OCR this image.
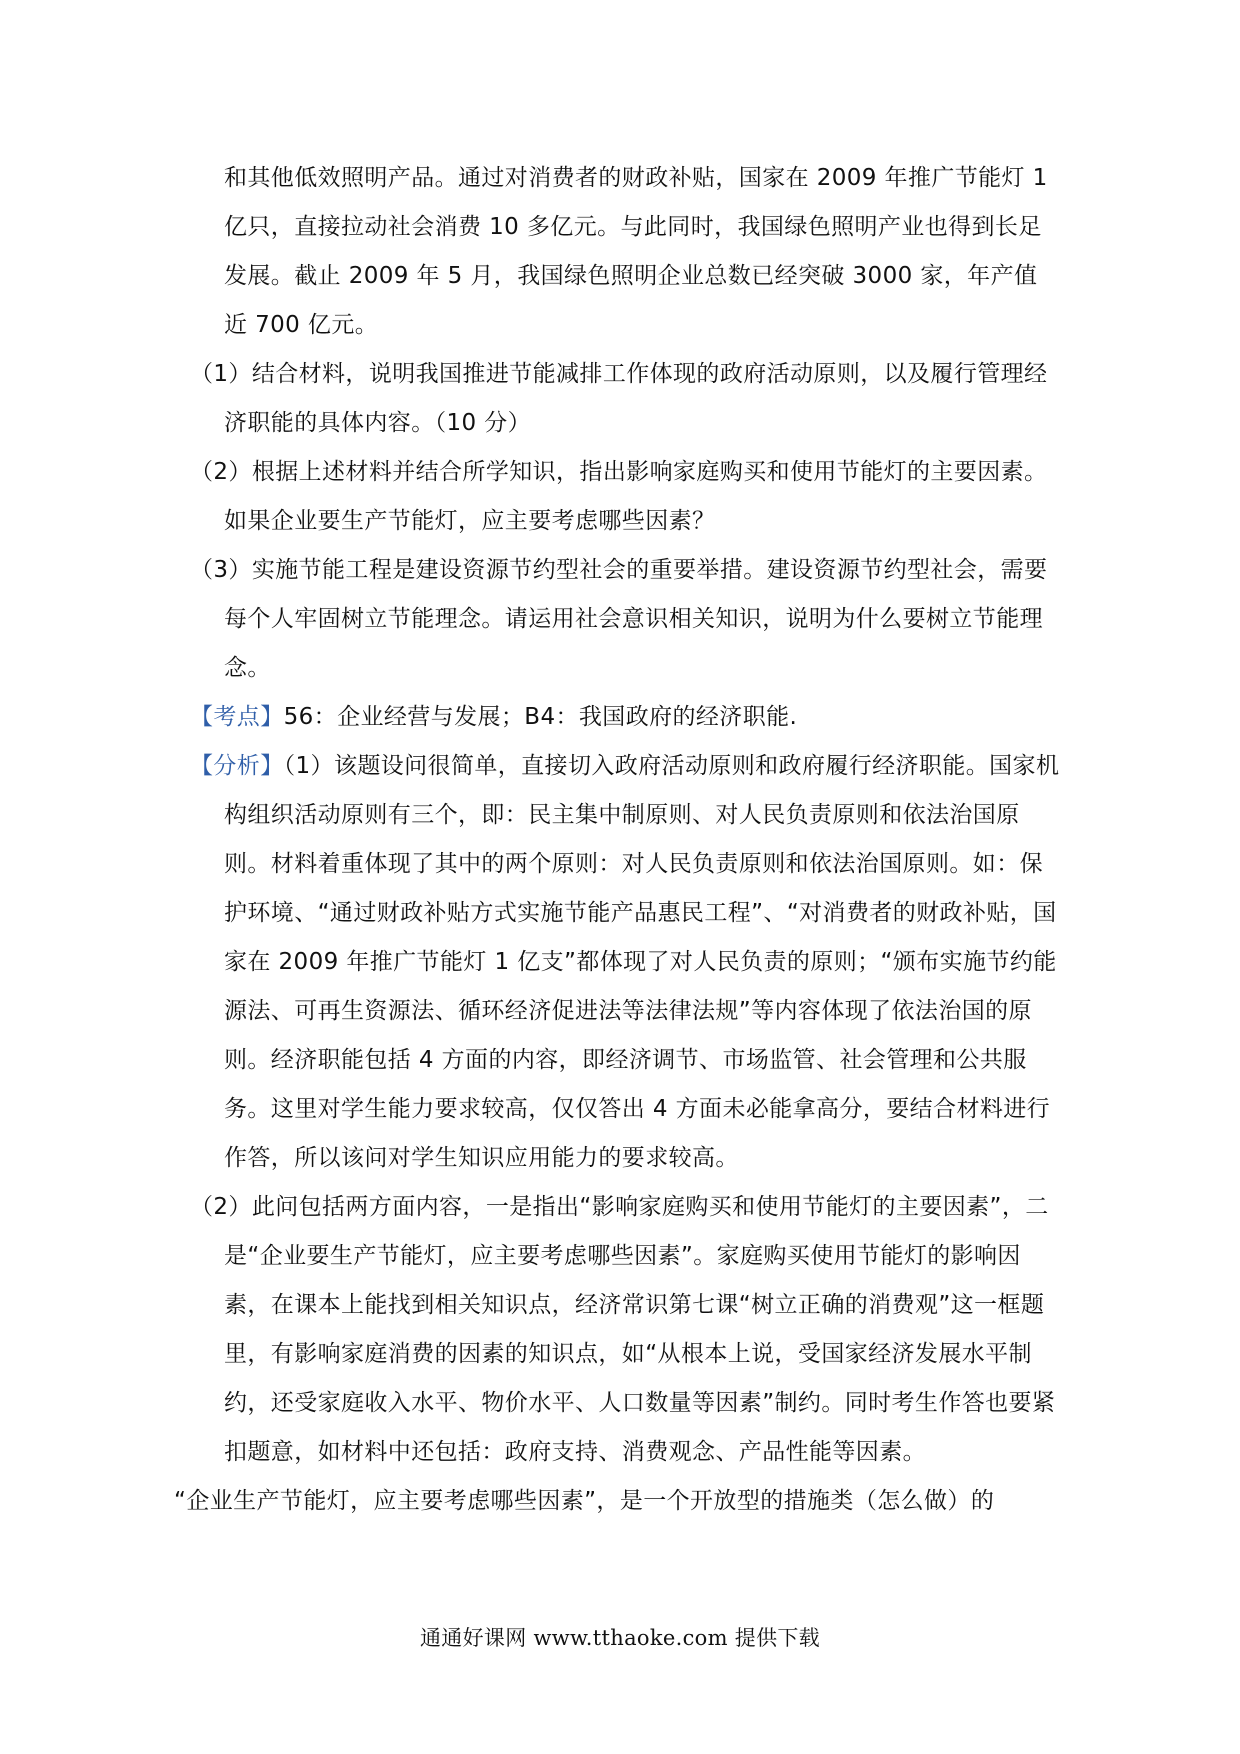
和其他低效照明产品。通过对消费者的财政补贴，国家在 2009 年推广节能灯 1 亿只，直接拉动社会消费 10 多亿元。与此同时，我国绿色照明产业也得到长足发展。截止 2009 年 5 月，我国绿色照明企业总数已经突破 3000 家，年产值近 700 亿元。

（1）结合材料，说明我国推进节能减排工作体现的政府活动原则，以及履行管理经济职能的具体内容。（10 分）

（2）根据上述材料并结合所学知识，指出影响家庭购买和使用节能灯的主要因素。如果企业要生产节能灯，应主要考虑哪些因素？

（3）实施节能工程是建设资源节约型社会的重要举措。建设资源节约型社会，需要每个人牢固树立节能理念。请运用社会意识相关知识，说明为什么要树立节能理念。

【考点】56：企业经营与发展；B4：我国政府的经济职能.

【分析】（1）该题设问很简单，直接切入政府活动原则和政府履行经济职能。国家机构组织活动原则有三个，即：民主集中制原则、对人民负责原则和依法治国原则。材料着重体现了其中的两个原则：对人民负责原则和依法治国原则。如：保护环境、“通过财政补贴方式实施节能产品惠民工程”、“对消费者的财政补贴，国家在 2009 年推广节能灯 1 亿支”都体现了对人民负责的原则；“颁布实施节约能源法、可再生资源法、循环经济促进法等法律法规”等内容体现了依法治国的原则。经济职能包括 4 方面的内容，即经济调节、市场监管、社会管理和公共服务。这里对学生能力要求较高，仅仅答出 4 方面未必能拿高分，要结合材料进行作答，所以该问对学生知识应用能力的要求较高。

（2）此问包括两方面内容，一是指出“影响家庭购买和使用节能灯的主要因素”，二是“企业要生产节能灯，应主要考虑哪些因素”。家庭购买使用节能灯的影响因素，在课本上能找到相关知识点，经济常识第七课“树立正确的消费观”这一框题里，有影响家庭消费的因素的知识点，如“从根本上说，受国家经济发展水平制约，还受家庭收入水平、物价水平、人口数量等因素”制约。同时考生作答也要紧扣题意，如材料中还包括：政府支持、消费观念、产品性能等因素。

“企业生产节能灯，应主要考虑哪些因素”，是一个开放型的措施类（怎么做）的

通通好课网 www.tthaoke.com 提供下载
